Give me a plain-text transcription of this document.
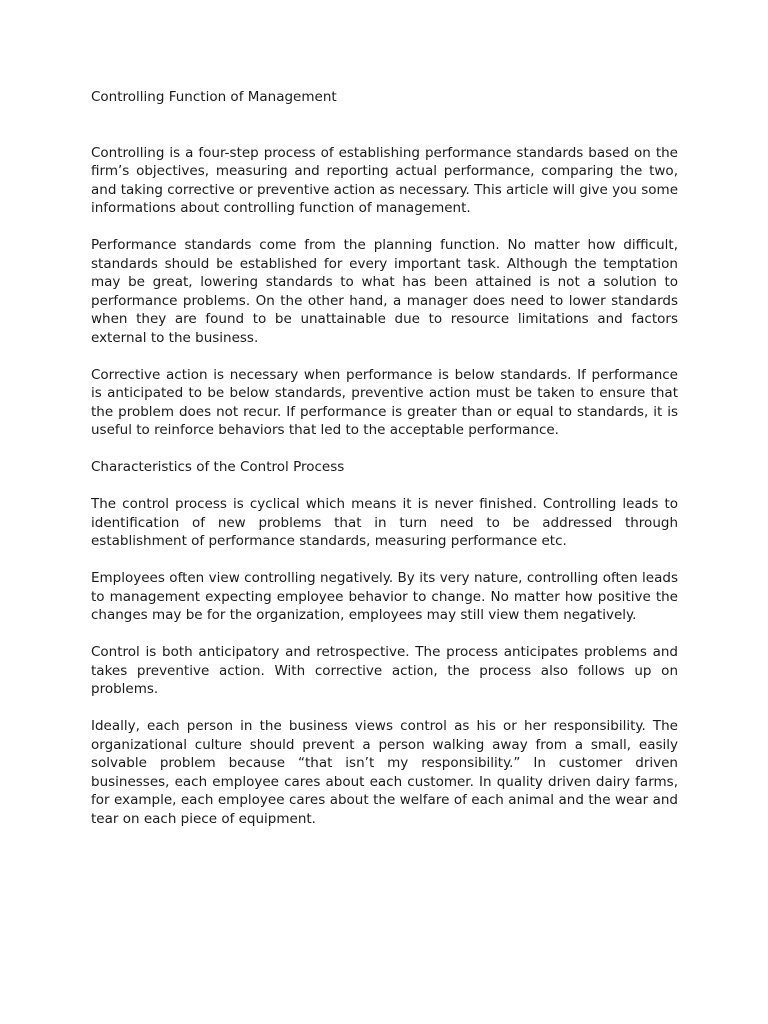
Controlling Function of Management

Controlling is a four-step process of establishing performance standards based on the firm’s objectives, measuring and reporting actual performance, comparing the two, and taking corrective or preventive action as necessary. This article will give you some informations about controlling function of management.

Performance standards come from the planning function. No matter how difficult, standards should be established for every important task. Although the temptation may be great, lowering standards to what has been attained is not a solution to performance problems. On the other hand, a manager does need to lower standards when they are found to be unattainable due to resource limitations and factors external to the business.

Corrective action is necessary when performance is below standards. If performance is anticipated to be below standards, preventive action must be taken to ensure that the problem does not recur. If performance is greater than or equal to standards, it is useful to reinforce behaviors that led to the acceptable performance.

Characteristics of the Control Process

The control process is cyclical which means it is never finished. Controlling leads to identification of new problems that in turn need to be addressed through establishment of performance standards, measuring performance etc.

Employees often view controlling negatively. By its very nature, controlling often leads to management expecting employee behavior to change. No matter how positive the changes may be for the organization, employees may still view them negatively.

Control is both anticipatory and retrospective. The process anticipates problems and takes preventive action. With corrective action, the process also follows up on problems.

Ideally, each person in the business views control as his or her responsibility. The organizational culture should prevent a person walking away from a small, easily solvable problem because “that isn’t my responsibility.” In customer driven businesses, each employee cares about each customer. In quality driven dairy farms, for example, each employee cares about the welfare of each animal and the wear and tear on each piece of equipment.
